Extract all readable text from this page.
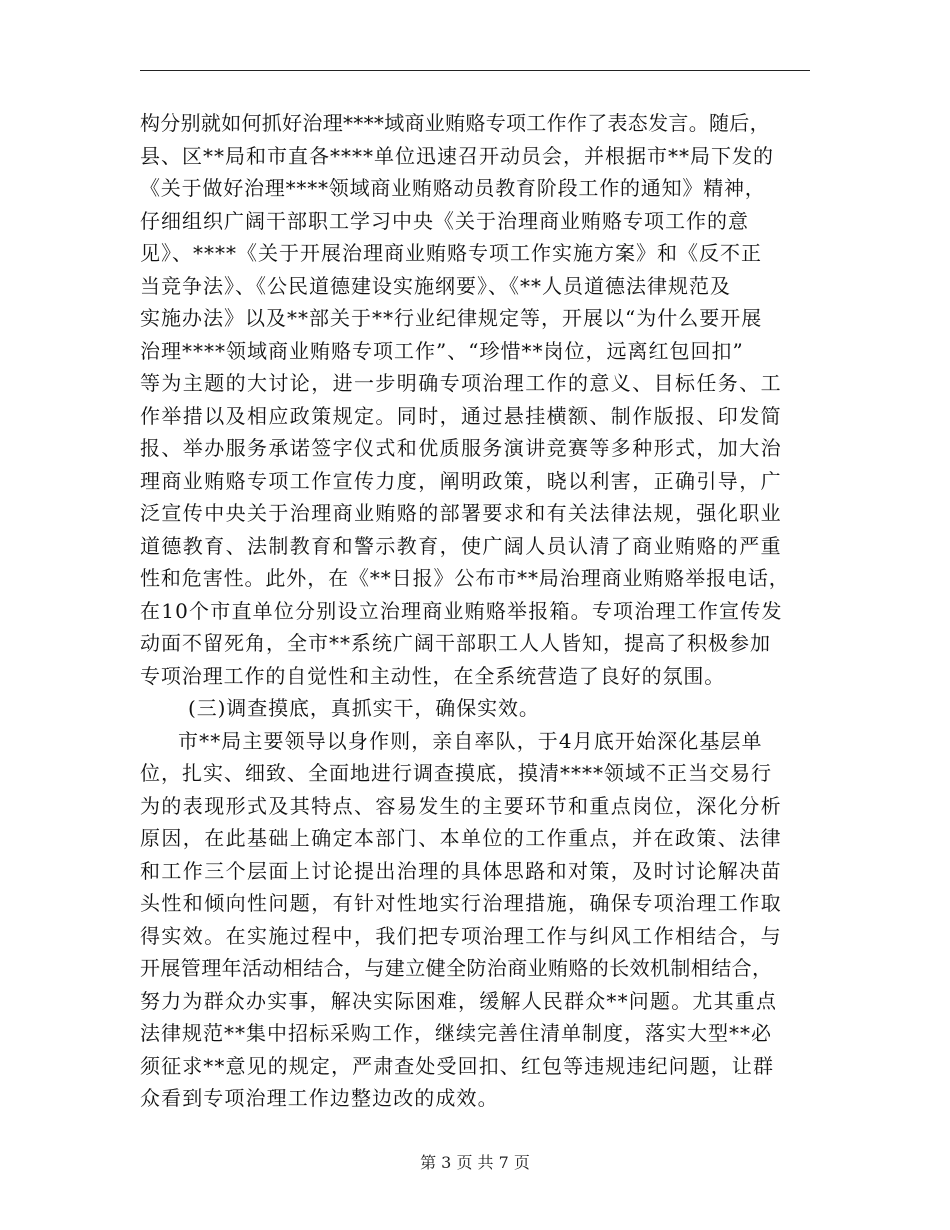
构分别就如何抓好治理****域商业贿赂专项工作作了表态发言。随后，
县、区**局和市直各****单位迅速召开动员会，并根据市**局下发的
《关于做好治理****领域商业贿赂动员教育阶段工作的通知》精神，
仔细组织广阔干部职工学习中央《关于治理商业贿赂专项工作的意
见》、****《关于开展治理商业贿赂专项工作实施方案》和《反不正
当竞争法》、《公民道德建设实施纲要》、《**人员道德法律规范及
实施办法》以及**部关于**行业纪律规定等，开展以“为什么要开展
治理****领域商业贿赂专项工作”、“珍惜**岗位，远离红包回扣”
等为主题的大讨论，进一步明确专项治理工作的意义、目标任务、工
作举措以及相应政策规定。同时，通过悬挂横额、制作版报、印发简
报、举办服务承诺签字仪式和优质服务演讲竞赛等多种形式，加大治
理商业贿赂专项工作宣传力度，阐明政策，晓以利害，正确引导，广
泛宣传中央关于治理商业贿赂的部署要求和有关法律法规，强化职业
道德教育、法制教育和警示教育，使广阔人员认清了商业贿赂的严重
性和危害性。此外，在《**日报》公布市**局治理商业贿赂举报电话，
在10个市直单位分别设立治理商业贿赂举报箱。专项治理工作宣传发
动面不留死角，全市**系统广阔干部职工人人皆知，提高了积极参加
专项治理工作的自觉性和主动性，在全系统营造了良好的氛围。
(三)调查摸底，真抓实干，确保实效。
市**局主要领导以身作则，亲自率队，于4月底开始深化基层单
位，扎实、细致、全面地进行调查摸底，摸清****领域不正当交易行
为的表现形式及其特点、容易发生的主要环节和重点岗位，深化分析
原因，在此基础上确定本部门、本单位的工作重点，并在政策、法律
和工作三个层面上讨论提出治理的具体思路和对策，及时讨论解决苗
头性和倾向性问题，有针对性地实行治理措施，确保专项治理工作取
得实效。在实施过程中，我们把专项治理工作与纠风工作相结合，与
开展管理年活动相结合，与建立健全防治商业贿赂的长效机制相结合，
努力为群众办实事，解决实际困难，缓解人民群众**问题。尤其重点
法律规范**集中招标采购工作，继续完善住清单制度，落实大型**必
须征求**意见的规定，严肃查处受回扣、红包等违规违纪问题，让群
众看到专项治理工作边整边改的成效。
第 3 页 共 7 页
